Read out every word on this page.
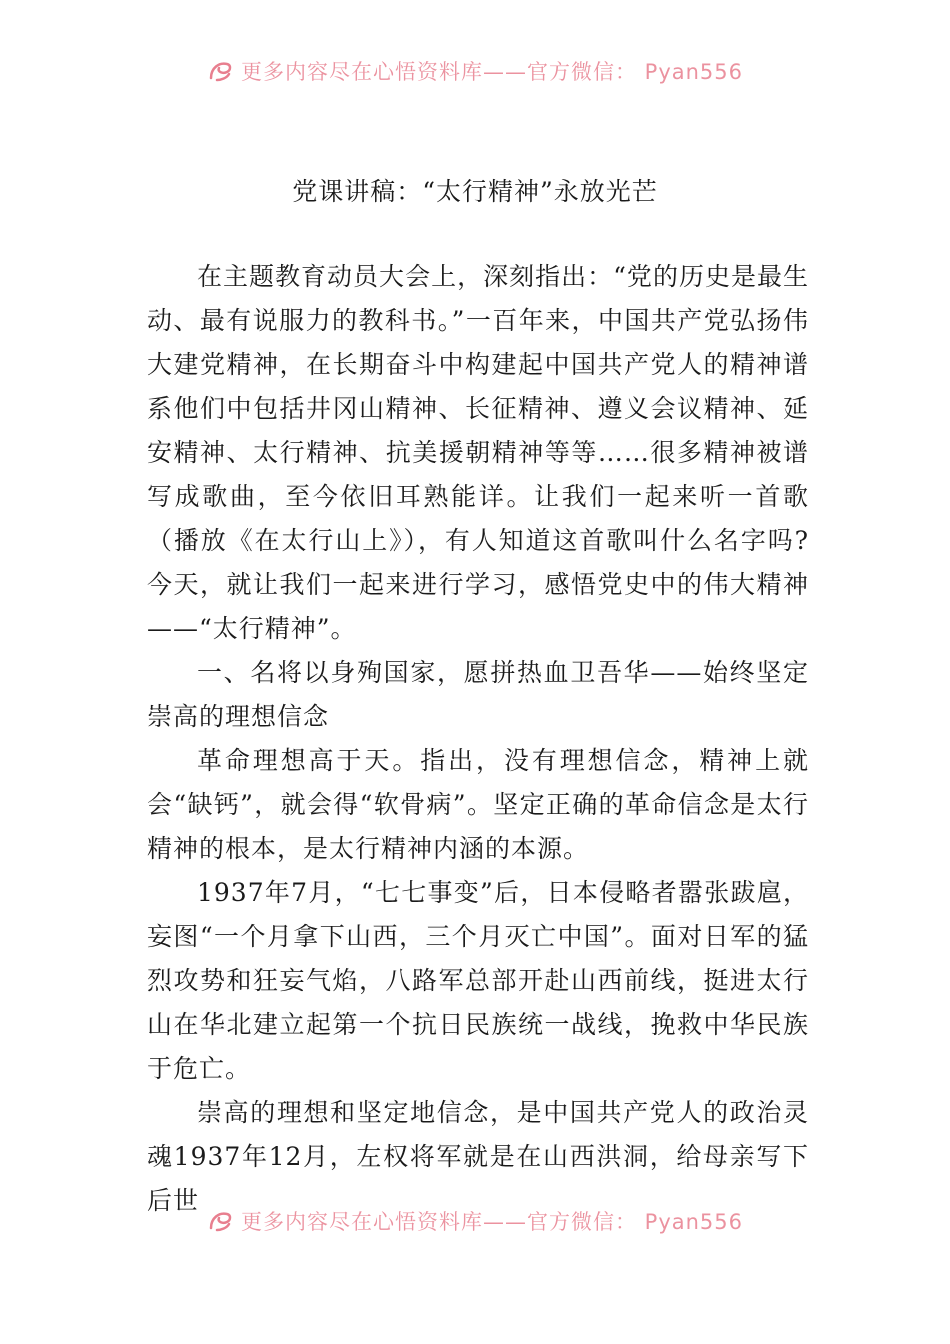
更多内容尽在心悟资料库——官方微信： Pyan556
党课讲稿：“太行精神”永放光芒

在主题教育动员大会上，深刻指出：“党的历史是最生动、最有说服力的教科书。”一百年来，中国共产党弘扬伟大建党精神，在长期奋斗中构建起中国共产党人的精神谱系他们中包括井冈山精神、长征精神、遵义会议精神、延安精神、太行精神、抗美援朝精神等等……很多精神被谱写成歌曲，至今依旧耳熟能详。让我们一起来听一首歌（播放《在太行山上》），有人知道这首歌叫什么名字吗?今天，就让我们一起来进行学习，感悟党史中的伟大精神——“太行精神”。

一、名将以身殉国家，愿拼热血卫吾华——始终坚定崇高的理想信念

革命理想高于天。指出，没有理想信念，精神上就会“缺钙”，就会得“软骨病”。坚定正确的革命信念是太行精神的根本，是太行精神内涵的本源。

1937年7月，“七七事变”后，日本侵略者嚣张跋扈，妄图“一个月拿下山西，三个月灭亡中国”。面对日军的猛烈攻势和狂妄气焰，八路军总部开赴山西前线，挺进太行山在华北建立起第一个抗日民族统一战线，挽救中华民族于危亡。

崇高的理想和坚定地信念，是中国共产党人的政治灵魂1937年12月，左权将军就是在山西洪洞，给母亲写下后世

更多内容尽在心悟资料库——官方微信： Pyan556
